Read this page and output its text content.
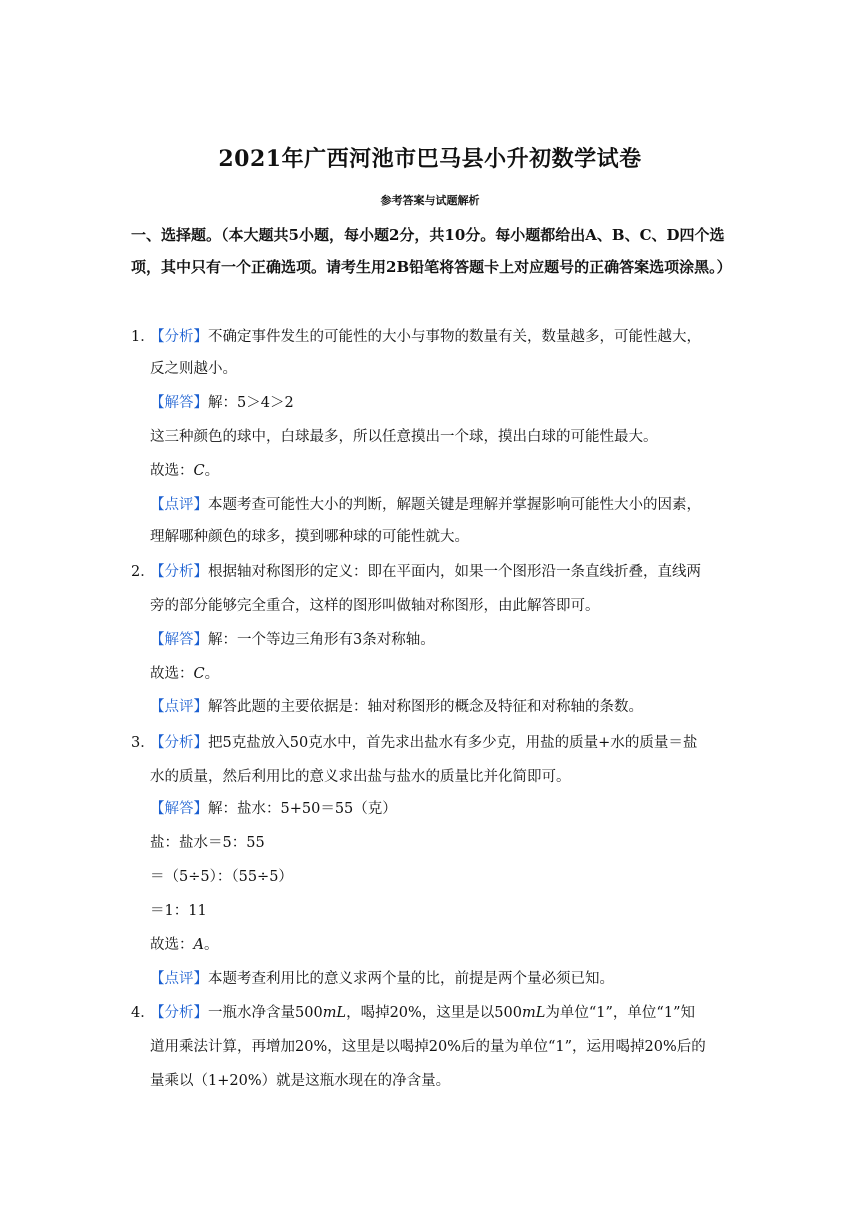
2021年广西河池市巴马县小升初数学试卷
参考答案与试题解析
一、选择题。（本大题共5小题，每小题2分，共10分。每小题都给出A、B、C、D四个选项，其中只有一个正确选项。请考生用2B铅笔将答题卡上对应题号的正确答案选项涂黑。）
1．
【分析】不确定事件发生的可能性的大小与事物的数量有关，数量越多，可能性越大，
反之则越小。
【解答】解：5＞4＞2
这三种颜色的球中，白球最多，所以任意摸出一个球，摸出白球的可能性最大。
故选：C。
【点评】本题考查可能性大小的判断，解题关键是理解并掌握影响可能性大小的因素，
理解哪种颜色的球多，摸到哪种球的可能性就大。
2．
【分析】根据轴对称图形的定义：即在平面内，如果一个图形沿一条直线折叠，直线两
旁的部分能够完全重合，这样的图形叫做轴对称图形，由此解答即可。
【解答】解：一个等边三角形有3条对称轴。
故选：C。
【点评】解答此题的主要依据是：轴对称图形的概念及特征和对称轴的条数。
3．
【分析】把5克盐放入50克水中，首先求出盐水有多少克，用盐的质量+水的质量＝盐
水的质量，然后利用比的意义求出盐与盐水的质量比并化简即可。
【解答】解：盐水：5+50＝55（克）
盐：盐水＝5：55
＝（5÷5）：（55÷5）
＝1：11
故选：A。
【点评】本题考查利用比的意义求两个量的比，前提是两个量必须已知。
4．
【分析】一瓶水净含量500mL，喝掉20%，这里是以500mL为单位“1”，单位“1”知
道用乘法计算，再增加20%，这里是以喝掉20%后的量为单位“1”，运用喝掉20%后的
量乘以（1+20%）就是这瓶水现在的净含量。
